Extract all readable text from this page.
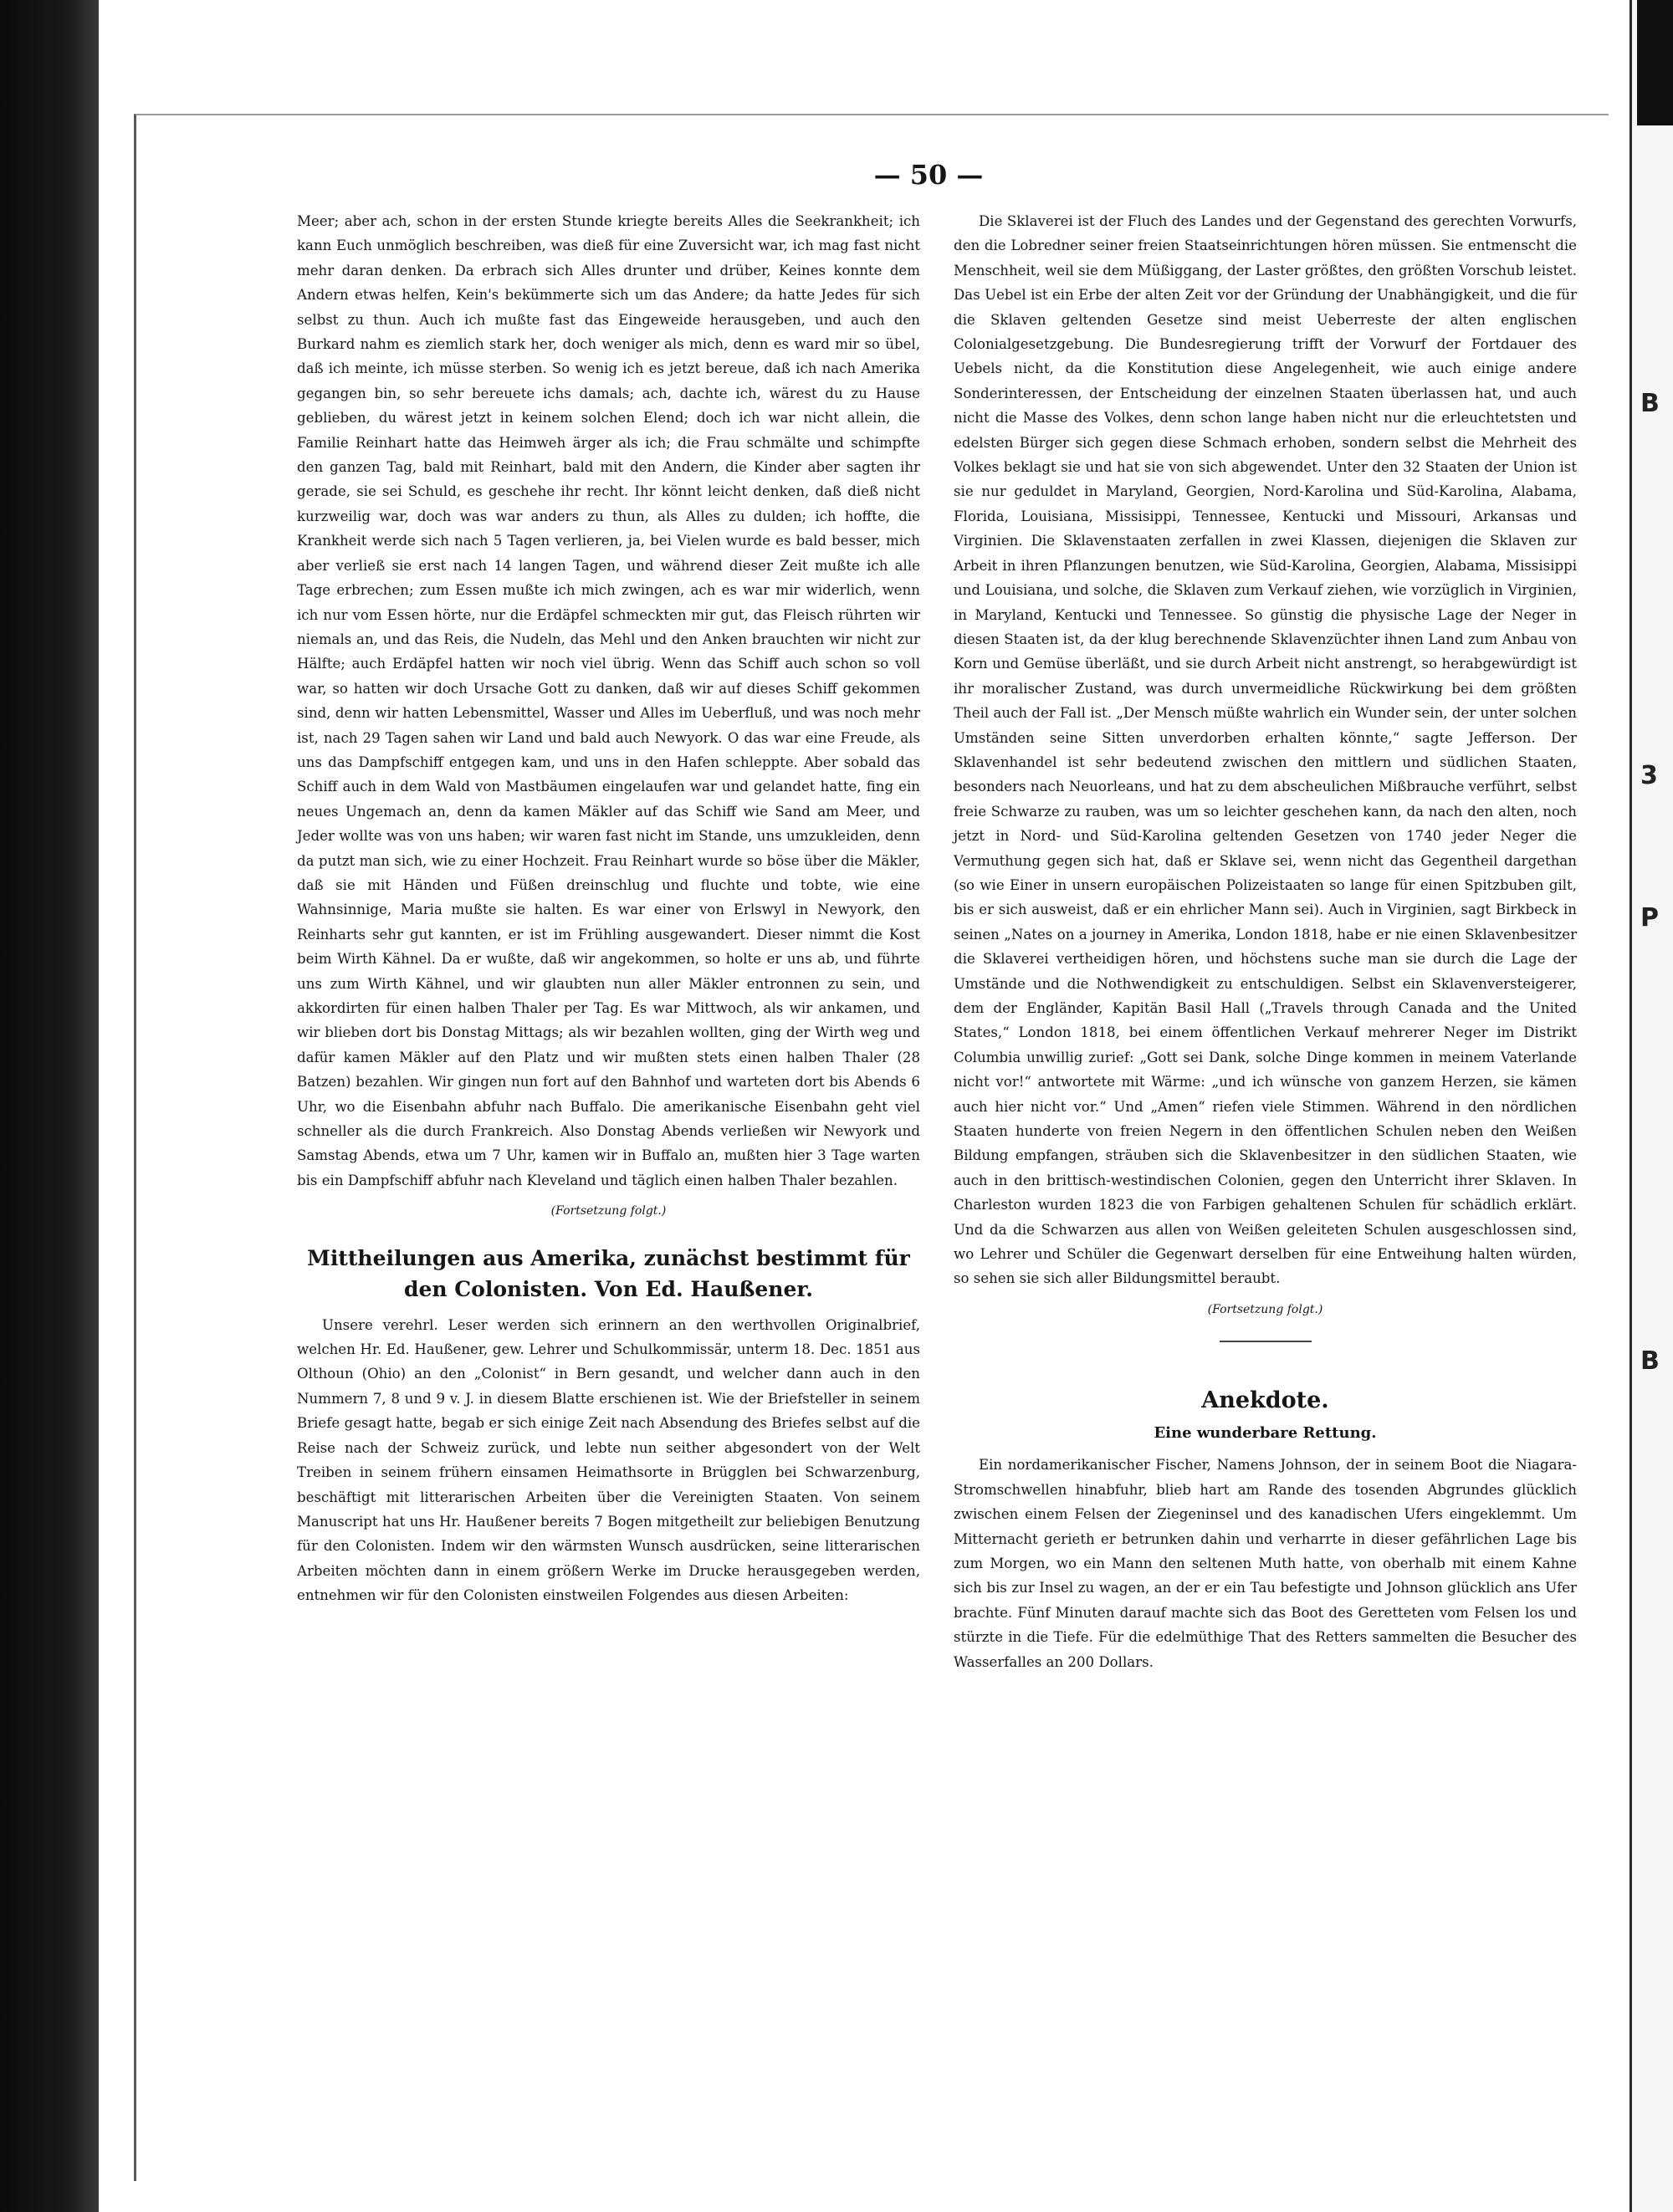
B
3
P
B
— 50 —

Meer; aber ach, schon in der ersten Stunde kriegte bereits Alles die Seekrankheit; ich kann Euch unmöglich beschreiben, was dieß für eine Zuversicht war, ich mag fast nicht mehr daran denken. Da erbrach sich Alles drunter und drüber, Keines konnte dem Andern etwas helfen, Kein's bekümmerte sich um das Andere; da hatte Jedes für sich selbst zu thun. Auch ich mußte fast das Eingeweide herausgeben, und auch den Burkard nahm es ziemlich stark her, doch weniger als mich, denn es ward mir so übel, daß ich meinte, ich müsse sterben. So wenig ich es jetzt bereue, daß ich nach Amerika gegangen bin, so sehr bereuete ichs damals; ach, dachte ich, wärest du zu Hause geblieben, du wärest jetzt in keinem solchen Elend; doch ich war nicht allein, die Familie Reinhart hatte das Heimweh ärger als ich; die Frau schmälte und schimpfte den ganzen Tag, bald mit Reinhart, bald mit den Andern, die Kinder aber sagten ihr gerade, sie sei Schuld, es geschehe ihr recht. Ihr könnt leicht denken, daß dieß nicht kurzweilig war, doch was war anders zu thun, als Alles zu dulden; ich hoffte, die Krankheit werde sich nach 5 Tagen verlieren, ja, bei Vielen wurde es bald besser, mich aber verließ sie erst nach 14 langen Tagen, und während dieser Zeit mußte ich alle Tage erbrechen; zum Essen mußte ich mich zwingen, ach es war mir widerlich, wenn ich nur vom Essen hörte, nur die Erdäpfel schmeckten mir gut, das Fleisch rührten wir niemals an, und das Reis, die Nudeln, das Mehl und den Anken brauchten wir nicht zur Hälfte; auch Erdäpfel hatten wir noch viel übrig. Wenn das Schiff auch schon so voll war, so hatten wir doch Ursache Gott zu danken, daß wir auf dieses Schiff gekommen sind, denn wir hatten Lebensmittel, Wasser und Alles im Ueberfluß, und was noch mehr ist, nach 29 Tagen sahen wir Land und bald auch Newyork. O das war eine Freude, als uns das Dampfschiff entgegen kam, und uns in den Hafen schleppte. Aber sobald das Schiff auch in dem Wald von Mastbäumen eingelaufen war und gelandet hatte, fing ein neues Ungemach an, denn da kamen Mäkler auf das Schiff wie Sand am Meer, und Jeder wollte was von uns haben; wir waren fast nicht im Stande, uns umzukleiden, denn da putzt man sich, wie zu einer Hochzeit. Frau Reinhart wurde so böse über die Mäkler, daß sie mit Händen und Füßen dreinschlug und fluchte und tobte, wie eine Wahnsinnige, Maria mußte sie halten. Es war einer von Erlswyl in Newyork, den Reinharts sehr gut kannten, er ist im Frühling ausgewandert. Dieser nimmt die Kost beim Wirth Kähnel. Da er wußte, daß wir angekommen, so holte er uns ab, und führte uns zum Wirth Kähnel, und wir glaubten nun aller Mäkler entronnen zu sein, und akkordirten für einen halben Thaler per Tag. Es war Mittwoch, als wir ankamen, und wir blieben dort bis Donstag Mittags; als wir bezahlen wollten, ging der Wirth weg und dafür kamen Mäkler auf den Platz und wir mußten stets einen halben Thaler (28 Batzen) bezahlen. Wir gingen nun fort auf den Bahnhof und warteten dort bis Abends 6 Uhr, wo die Eisenbahn abfuhr nach Buffalo. Die amerikanische Eisenbahn geht viel schneller als die durch Frankreich. Also Donstag Abends verließen wir Newyork und Samstag Abends, etwa um 7 Uhr, kamen wir in Buffalo an, mußten hier 3 Tage warten bis ein Dampfschiff abfuhr nach Kleveland und täglich einen halben Thaler bezahlen.

(Fortsetzung folgt.)

Mittheilungen aus Amerika, zunächst bestimmt für den Colonisten. Von Ed. Haußener.

Unsere verehrl. Leser werden sich erinnern an den werthvollen Originalbrief, welchen Hr. Ed. Haußener, gew. Lehrer und Schulkommissär, unterm 18. Dec. 1851 aus Olthoun (Ohio) an den „Colonist“ in Bern gesandt, und welcher dann auch in den Nummern 7, 8 und 9 v. J. in diesem Blatte erschienen ist. Wie der Briefsteller in seinem Briefe gesagt hatte, begab er sich einige Zeit nach Absendung des Briefes selbst auf die Reise nach der Schweiz zurück, und lebte nun seither abgesondert von der Welt Treiben in seinem frühern einsamen Heimathsorte in Brügglen bei Schwarzenburg, beschäftigt mit litterarischen Arbeiten über die Vereinigten Staaten. Von seinem Manuscript hat uns Hr. Haußener bereits 7 Bogen mitgetheilt zur beliebigen Benutzung für den Colonisten. Indem wir den wärmsten Wunsch ausdrücken, seine litterarischen Arbeiten möchten dann in einem größern Werke im Drucke herausgegeben werden, entnehmen wir für den Colonisten einstweilen Folgendes aus diesen Arbeiten:

Die Sklaverei ist der Fluch des Landes und der Gegenstand des gerechten Vorwurfs, den die Lobredner seiner freien Staatseinrichtungen hören müssen. Sie entmenscht die Menschheit, weil sie dem Müßiggang, der Laster größtes, den größten Vorschub leistet. Das Uebel ist ein Erbe der alten Zeit vor der Gründung der Unabhängigkeit, und die für die Sklaven geltenden Gesetze sind meist Ueberreste der alten englischen Colonialgesetzgebung. Die Bundesregierung trifft der Vorwurf der Fortdauer des Uebels nicht, da die Konstitution diese Angelegenheit, wie auch einige andere Sonderinteressen, der Entscheidung der einzelnen Staaten überlassen hat, und auch nicht die Masse des Volkes, denn schon lange haben nicht nur die erleuchtetsten und edelsten Bürger sich gegen diese Schmach erhoben, sondern selbst die Mehrheit des Volkes beklagt sie und hat sie von sich abgewendet. Unter den 32 Staaten der Union ist sie nur geduldet in Maryland, Georgien, Nord-Karolina und Süd-Karolina, Alabama, Florida, Louisiana, Missisippi, Tennessee, Kentucki und Missouri, Arkansas und Virginien. Die Sklavenstaaten zerfallen in zwei Klassen, diejenigen die Sklaven zur Arbeit in ihren Pflanzungen benutzen, wie Süd-Karolina, Georgien, Alabama, Missisippi und Louisiana, und solche, die Sklaven zum Verkauf ziehen, wie vorzüglich in Virginien, in Maryland, Kentucki und Tennessee. So günstig die physische Lage der Neger in diesen Staaten ist, da der klug berechnende Sklavenzüchter ihnen Land zum Anbau von Korn und Gemüse überläßt, und sie durch Arbeit nicht anstrengt, so herabgewürdigt ist ihr moralischer Zustand, was durch unvermeidliche Rückwirkung bei dem größten Theil auch der Fall ist. „Der Mensch müßte wahrlich ein Wunder sein, der unter solchen Umständen seine Sitten unverdorben erhalten könnte,“ sagte Jefferson. Der Sklavenhandel ist sehr bedeutend zwischen den mittlern und südlichen Staaten, besonders nach Neuorleans, und hat zu dem abscheulichen Mißbrauche verführt, selbst freie Schwarze zu rauben, was um so leichter geschehen kann, da nach den alten, noch jetzt in Nord- und Süd-Karolina geltenden Gesetzen von 1740 jeder Neger die Vermuthung gegen sich hat, daß er Sklave sei, wenn nicht das Gegentheil dargethan (so wie Einer in unsern europäischen Polizeistaaten so lange für einen Spitzbuben gilt, bis er sich ausweist, daß er ein ehrlicher Mann sei). Auch in Virginien, sagt Birkbeck in seinen „Nates on a journey in Amerika, London 1818, habe er nie einen Sklavenbesitzer die Sklaverei vertheidigen hören, und höchstens suche man sie durch die Lage der Umstände und die Nothwendigkeit zu entschuldigen. Selbst ein Sklavenversteigerer, dem der Engländer, Kapitän Basil Hall („Travels through Canada and the United States,“ London 1818, bei einem öffentlichen Verkauf mehrerer Neger im Distrikt Columbia unwillig zurief: „Gott sei Dank, solche Dinge kommen in meinem Vaterlande nicht vor!“ antwortete mit Wärme: „und ich wünsche von ganzem Herzen, sie kämen auch hier nicht vor.“ Und „Amen“ riefen viele Stimmen. Während in den nördlichen Staaten hunderte von freien Negern in den öffentlichen Schulen neben den Weißen Bildung empfangen, sträuben sich die Sklavenbesitzer in den südlichen Staaten, wie auch in den brittisch-westindischen Colonien, gegen den Unterricht ihrer Sklaven. In Charleston wurden 1823 die von Farbigen gehaltenen Schulen für schädlich erklärt. Und da die Schwarzen aus allen von Weißen geleiteten Schulen ausgeschlossen sind, wo Lehrer und Schüler die Gegenwart derselben für eine Entweihung halten würden, so sehen sie sich aller Bildungsmittel beraubt.

(Fortsetzung folgt.)

Anekdote.

Eine wunderbare Rettung.

Ein nordamerikanischer Fischer, Namens Johnson, der in seinem Boot die Niagara-Stromschwellen hinabfuhr, blieb hart am Rande des tosenden Abgrundes glücklich zwischen einem Felsen der Ziegeninsel und des kanadischen Ufers eingeklemmt. Um Mitternacht gerieth er betrunken dahin und verharrte in dieser gefährlichen Lage bis zum Morgen, wo ein Mann den seltenen Muth hatte, von oberhalb mit einem Kahne sich bis zur Insel zu wagen, an der er ein Tau befestigte und Johnson glücklich ans Ufer brachte. Fünf Minuten darauf machte sich das Boot des Geretteten vom Felsen los und stürzte in die Tiefe. Für die edelmüthige That des Retters sammelten die Besucher des Wasserfalles an 200 Dollars.
